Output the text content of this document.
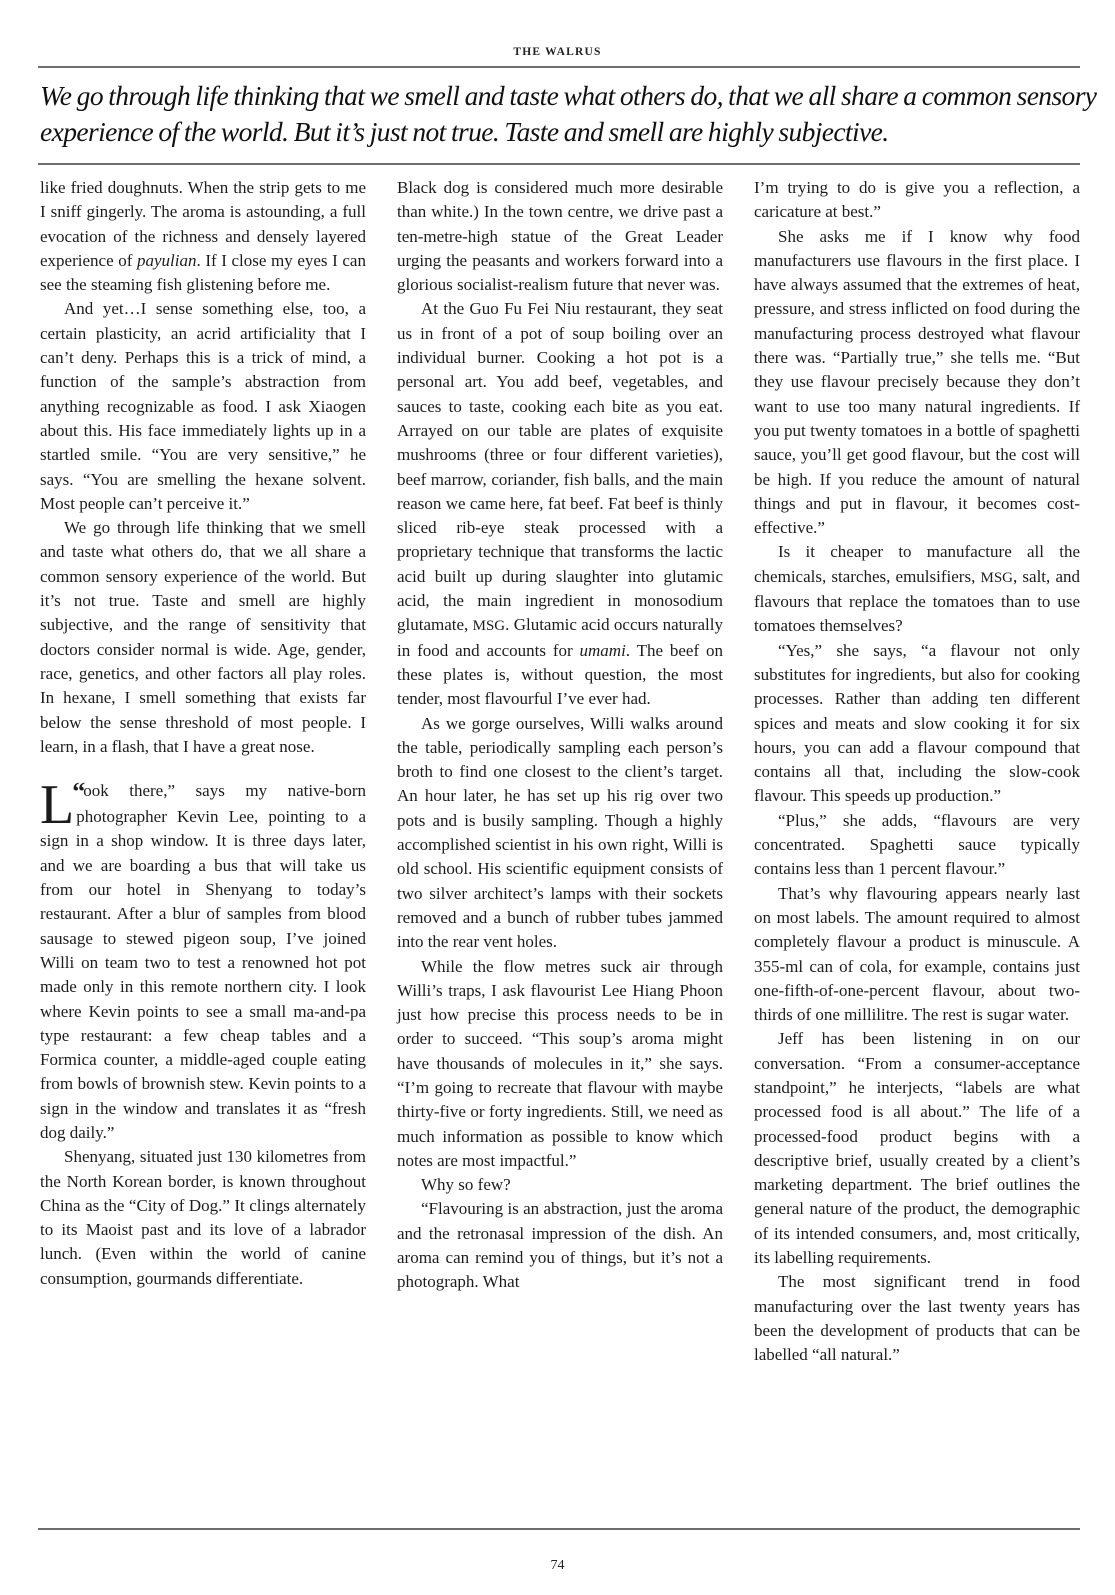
THE WALRUS
We go through life thinking that we smell and taste what others do, that we all share a common sensory experience of the world. But it’s just not true. Taste and smell are highly subjective.

like fried doughnuts. When the strip gets to me I sniff gingerly. The aroma is astounding, a full evocation of the richness and densely layered experience of payulian. If I close my eyes I can see the steaming fish glistening before me.

And yet…I sense something else, too, a certain plasticity, an acrid artificiality that I can’t deny. Perhaps this is a trick of mind, a function of the sample’s abstraction from anything recognizable as food. I ask Xiaogen about this. His face immediately lights up in a startled smile. “You are very sensitive,” he says. “You are smelling the hexane solvent. Most people can’t perceive it.”

We go through life thinking that we smell and taste what others do, that we all share a common sensory experience of the world. But it’s not true. Taste and smell are highly subjective, and the range of sensitivity that doctors consider normal is wide. Age, gender, race, genetics, and other factors all play roles. In hexane, I smell something that exists far below the sense threshold of most people. I learn, in a flash, that I have a great nose.

“
L ook there,” says my native-born photographer Kevin Lee, pointing to a sign in a shop window. It is three days later, and we are boarding a bus that will take us from our hotel in Shenyang to today’s restaurant. After a blur of samples from blood sausage to stewed pigeon soup, I’ve joined Willi on team two to test a renowned hot pot made only in this remote northern city. I look where Kevin points to see a small ma-and-pa type restaurant: a few cheap tables and a Formica counter, a middle-aged couple eating from bowls of brownish stew. Kevin points to a sign in the window and translates it as “fresh dog daily.”

Shenyang, situated just 130 kilometres from the North Korean border, is known throughout China as the “City of Dog.” It clings alternately to its Maoist past and its love of a labrador lunch. (Even within the world of canine consumption, gourmands differentiate.

Black dog is considered much more desirable than white.) In the town centre, we drive past a ten-metre-high statue of the Great Leader urging the peasants and workers forward into a glorious socialist-realism future that never was.

At the Guo Fu Fei Niu restaurant, they seat us in front of a pot of soup boiling over an individual burner. Cooking a hot pot is a personal art. You add beef, vegetables, and sauces to taste, cooking each bite as you eat. Arrayed on our table are plates of exquisite mushrooms (three or four different varieties), beef marrow, coriander, fish balls, and the main reason we came here, fat beef. Fat beef is thinly sliced rib-eye steak processed with a proprietary technique that transforms the lactic acid built up during slaughter into glutamic acid, the main ingredient in monosodium glutamate, MSG. Glutamic acid occurs naturally in food and accounts for umami. The beef on these plates is, without question, the most tender, most flavourful I’ve ever had.

As we gorge ourselves, Willi walks around the table, periodically sampling each person’s broth to find one closest to the client’s target. An hour later, he has set up his rig over two pots and is busily sampling. Though a highly accomplished scientist in his own right, Willi is old school. His scientific equipment consists of two silver architect’s lamps with their sockets removed and a bunch of rubber tubes jammed into the rear vent holes.

While the flow metres suck air through Willi’s traps, I ask flavourist Lee Hiang Phoon just how precise this process needs to be in order to succeed. “This soup’s aroma might have thousands of molecules in it,” she says. “I’m going to recreate that flavour with maybe thirty-five or forty ingredients. Still, we need as much information as possible to know which notes are most impactful.”

Why so few?

“Flavouring is an abstraction, just the aroma and the retronasal impression of the dish. An aroma can remind you of things, but it’s not a photograph. What

I’m trying to do is give you a reflection, a caricature at best.”

She asks me if I know why food manufacturers use flavours in the first place. I have always assumed that the extremes of heat, pressure, and stress inflicted on food during the manufacturing process destroyed what flavour there was. “Partially true,” she tells me. “But they use flavour precisely because they don’t want to use too many natural ingredients. If you put twenty tomatoes in a bottle of spaghetti sauce, you’ll get good flavour, but the cost will be high. If you reduce the amount of natural things and put in flavour, it becomes cost-effective.”

Is it cheaper to manufacture all the chemicals, starches, emulsifiers, MSG, salt, and flavours that replace the tomatoes than to use tomatoes themselves?

“Yes,” she says, “a flavour not only substitutes for ingredients, but also for cooking processes. Rather than adding ten different spices and meats and slow cooking it for six hours, you can add a flavour compound that contains all that, including the slow-cook flavour. This speeds up production.”

“Plus,” she adds, “flavours are very concentrated. Spaghetti sauce typically contains less than 1 percent flavour.”

That’s why flavouring appears nearly last on most labels. The amount required to almost completely flavour a product is minuscule. A 355-ml can of cola, for example, contains just one-fifth-of-one-percent flavour, about two-thirds of one millilitre. The rest is sugar water.

Jeff has been listening in on our conversation. “From a consumer-acceptance standpoint,” he interjects, “labels are what processed food is all about.” The life of a processed-food product begins with a descriptive brief, usually created by a client’s marketing department. The brief outlines the general nature of the product, the demographic of its intended consumers, and, most critically, its labelling requirements.

The most significant trend in food manufacturing over the last twenty years has been the development of products that can be labelled “all natural.”

74
